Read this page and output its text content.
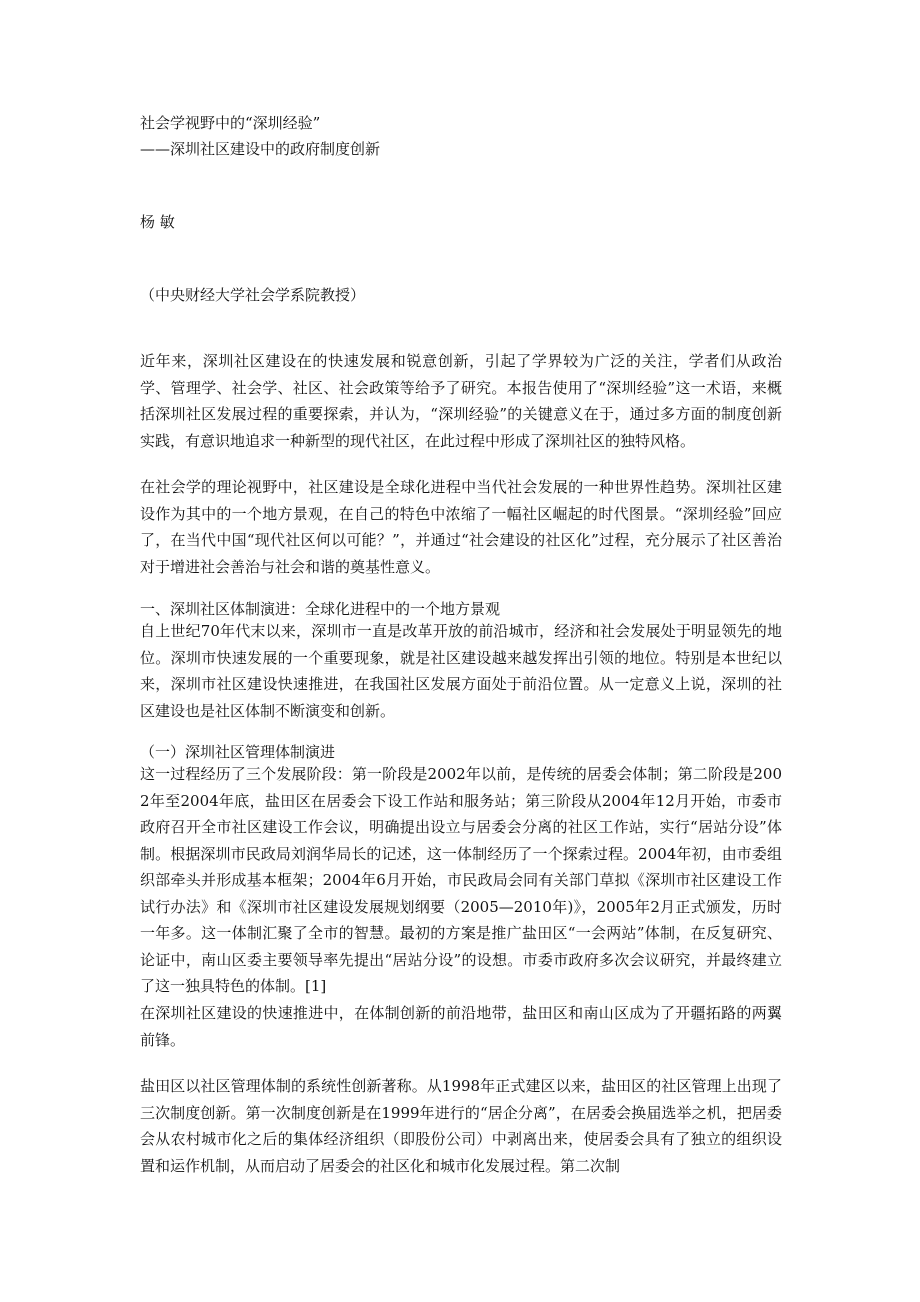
社会学视野中的“深圳经验”
——深圳社区建设中的政府制度创新
杨 敏
（中央财经大学社会学系院教授）
近年来，深圳社区建设在的快速发展和锐意创新，引起了学界较为广泛的关注，学者们从政治学、管理学、社会学、社区、社会政策等给予了研究。本报告使用了“深圳经验”这一术语，来概括深圳社区发展过程的重要探索，并认为，“深圳经验”的关键意义在于，通过多方面的制度创新实践，有意识地追求一种新型的现代社区，在此过程中形成了深圳社区的独特风格。
在社会学的理论视野中，社区建设是全球化进程中当代社会发展的一种世界性趋势。深圳社区建设作为其中的一个地方景观，在自己的特色中浓缩了一幅社区崛起的时代图景。“深圳经验”回应了，在当代中国“现代社区何以可能？”，并通过“社会建设的社区化”过程，充分展示了社区善治对于增进社会善治与社会和谐的奠基性意义。
一、深圳社区体制演进：全球化进程中的一个地方景观
自上世纪70年代末以来，深圳市一直是改革开放的前沿城市，经济和社会发展处于明显领先的地位。深圳市快速发展的一个重要现象，就是社区建设越来越发挥出引领的地位。特别是本世纪以来，深圳市社区建设快速推进，在我国社区发展方面处于前沿位置。从一定意义上说，深圳的社区建设也是社区体制不断演变和创新。
（一）深圳社区管理体制演进
这一过程经历了三个发展阶段：第一阶段是2002年以前，是传统的居委会体制；第二阶段是2002年至2004年底，盐田区在居委会下设工作站和服务站；第三阶段从2004年12月开始，市委市政府召开全市社区建设工作会议，明确提出设立与居委会分离的社区工作站，实行“居站分设”体制。根据深圳市民政局刘润华局长的记述，这一体制经历了一个探索过程。2004年初，由市委组织部牵头并形成基本框架；2004年6月开始，市民政局会同有关部门草拟《深圳市社区建设工作试行办法》和《深圳市社区建设发展规划纲要（2005—2010年)》，2005年2月正式颁发，历时一年多。这一体制汇聚了全市的智慧。最初的方案是推广盐田区“一会两站”体制，在反复研究、论证中，南山区委主要领导率先提出“居站分设”的设想。市委市政府多次会议研究，并最终建立了这一独具特色的体制。[1]
在深圳社区建设的快速推进中，在体制创新的前沿地带，盐田区和南山区成为了开疆拓路的两翼前锋。
盐田区以社区管理体制的系统性创新著称。从1998年正式建区以来，盐田区的社区管理上出现了三次制度创新。第一次制度创新是在1999年进行的“居企分离”，在居委会换届选举之机，把居委会从农村城市化之后的集体经济组织（即股份公司）中剥离出来，使居委会具有了独立的组织设置和运作机制，从而启动了居委会的社区化和城市化发展过程。第二次制
